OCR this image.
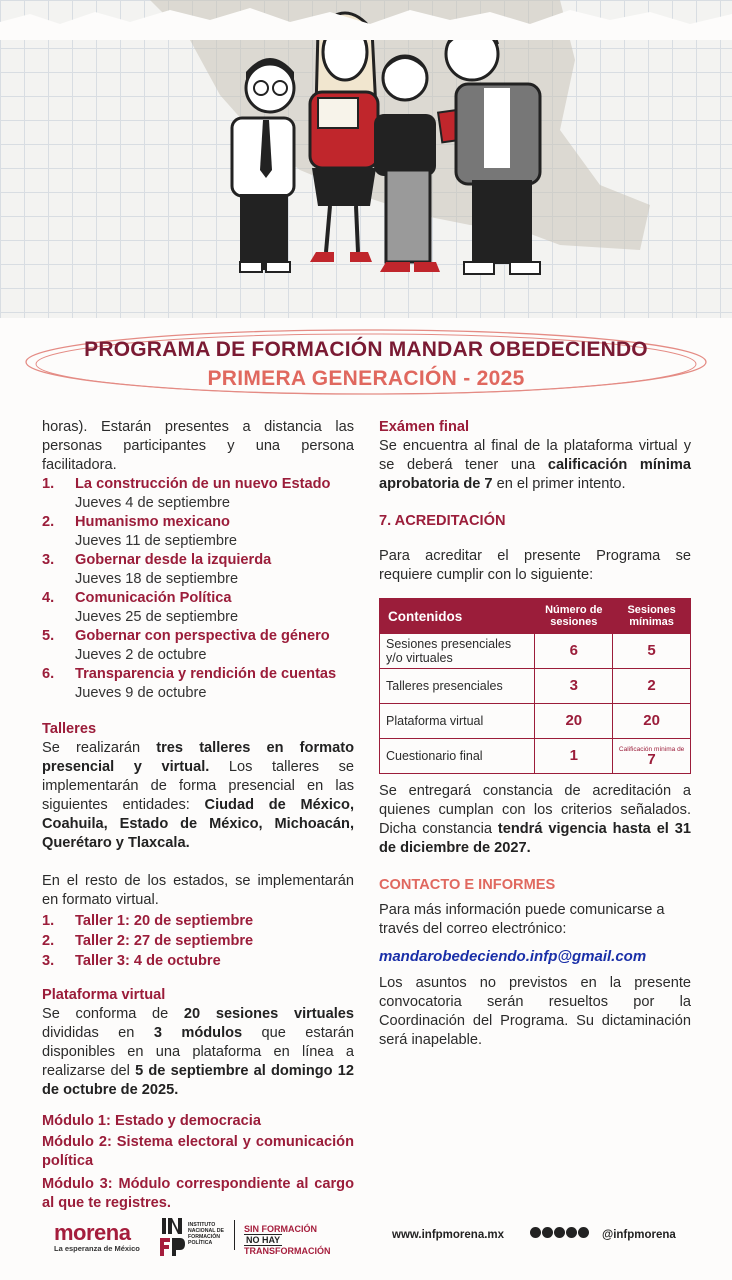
PROGRAMA DE FORMACIÓN MANDAR OBEDECIENDO
PRIMERA GENERACIÓN - 2025

horas). Estarán presentes a distancia las personas participantes y una persona facilitadora.

1.	La construcción de un nuevo Estado
Jueves 4 de septiembre
2.	Humanismo mexicano
Jueves 11 de septiembre
3.	Gobernar desde la izquierda
Jueves 18 de septiembre
4.	Comunicación Política
Jueves 25 de septiembre
5.	Gobernar con perspectiva de género
Jueves 2 de octubre
6.	Transparencia y rendición de cuentas
Jueves 9 de octubre
Talleres

Se realizarán tres talleres en formato presencial y virtual. Los talleres se implementarán de forma presencial en las siguientes entidades: Ciudad de México, Coahuila, Estado de México, Michoacán, Querétaro y Tlaxcala.

En el resto de los estados, se implementarán en formato virtual.

1.	Taller 1: 20 de septiembre
2.	Taller 2: 27 de septiembre
3.	Taller 3: 4 de octubre
Plataforma virtual

Se conforma de 20 sesiones virtuales divididas en 3 módulos que estarán disponibles en una plataforma en línea a realizarse del 5 de septiembre al domingo 12 de octubre de 2025.

Módulo 1: Estado y democracia
Módulo 2: Sistema electoral y comunicación política
Módulo 3: Módulo correspondiente al cargo al que te registres.
Exámen final

Se encuentra al final de la plataforma virtual y se deberá tener una calificación mínima aprobatoria de 7 en el primer intento.

7. ACREDITACIÓN

Para acreditar el presente Programa se requiere cumplir con lo siguiente:

Contenidos	Número de sesiones	Sesiones mínimas
Sesiones presenciales y/o virtuales	6	5
Talleres presenciales	3	2
Plataforma virtual	20	20
Cuestionario final	1	Calificación mínima de
7

Se entregará constancia de acreditación a quienes cumplan con los criterios señalados. Dicha constancia tendrá vigencia hasta el 31 de diciembre de 2027.

CONTACTO E INFORMES

Para más información puede comunicarse a través del correo electrónico:

mandarobedeciendo.infp@gmail.com

Los asuntos no previstos en la presente convocatoria serán resueltos por la Coordinación del Programa. Su dictaminación será inapelable.

morena
La esperanza de México
INSTITUTO NACIONAL DE FORMACIÓN POLÍTICA
SIN FORMACIÓN
NO HAY
TRANSFORMACIÓN
www.infpmorena.mx	@infpmorena
